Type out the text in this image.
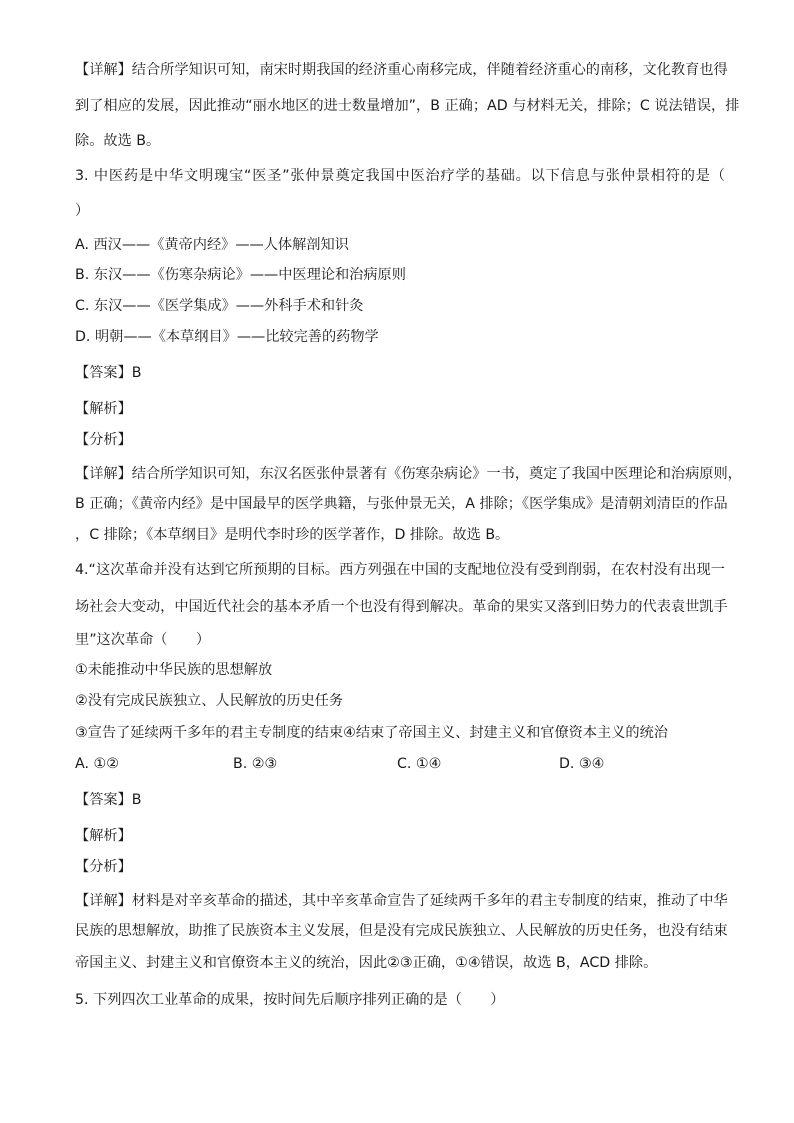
【详解】结合所学知识可知，南宋时期我国的经济重心南移完成，伴随着经济重心的南移，文化教育也得
到了相应的发展，因此推动“丽水地区的进士数量增加”，B 正确；AD 与材料无关，排除；C 说法错误，排
除。故选 B。
3. 中医药是中华文明瑰宝“医圣”张仲景奠定我国中医治疗学的基础。以下信息与张仲景相符的是（
）
A. 西汉——《黄帝内经》——人体解剖知识
B. 东汉——《伤寒杂病论》——中医理论和治病原则
C. 东汉——《医学集成》——外科手术和针灸
D. 明朝——《本草纲目》——比较完善的药物学
【答案】B
【解析】
【分析】
【详解】结合所学知识可知，东汉名医张仲景著有《伤寒杂病论》一书，奠定了我国中医理论和治病原则，
B 正确；《黄帝内经》是中国最早的医学典籍，与张仲景无关，A 排除；《医学集成》是清朝刘清臣的作品
，C 排除；《本草纲目》是明代李时珍的医学著作，D 排除。故选 B。
4.“这次革命并没有达到它所预期的目标。西方列强在中国的支配地位没有受到削弱，在农村没有出现一
场社会大变动，中国近代社会的基本矛盾一个也没有得到解决。革命的果实又落到旧势力的代表袁世凯手
里”这次革命（　　）
①未能推动中华民族的思想解放
②没有完成民族独立、人民解放的历史任务
③宣告了延续两千多年的君主专制度的结束④结束了帝国主义、封建主义和官僚资本主义的统治
A. ①②	B. ②③	C. ①④	D. ③④
【答案】B
【解析】
【分析】
【详解】材料是对辛亥革命的描述，其中辛亥革命宣告了延续两千多年的君主专制度的结束，推动了中华
民族的思想解放，助推了民族资本主义发展，但是没有完成民族独立、人民解放的历史任务，也没有结束
帝国主义、封建主义和官僚资本主义的统治，因此②③正确，①④错误，故选 B，ACD 排除。
5. 下列四次工业革命的成果，按时间先后顺序排列正确的是（　　）
